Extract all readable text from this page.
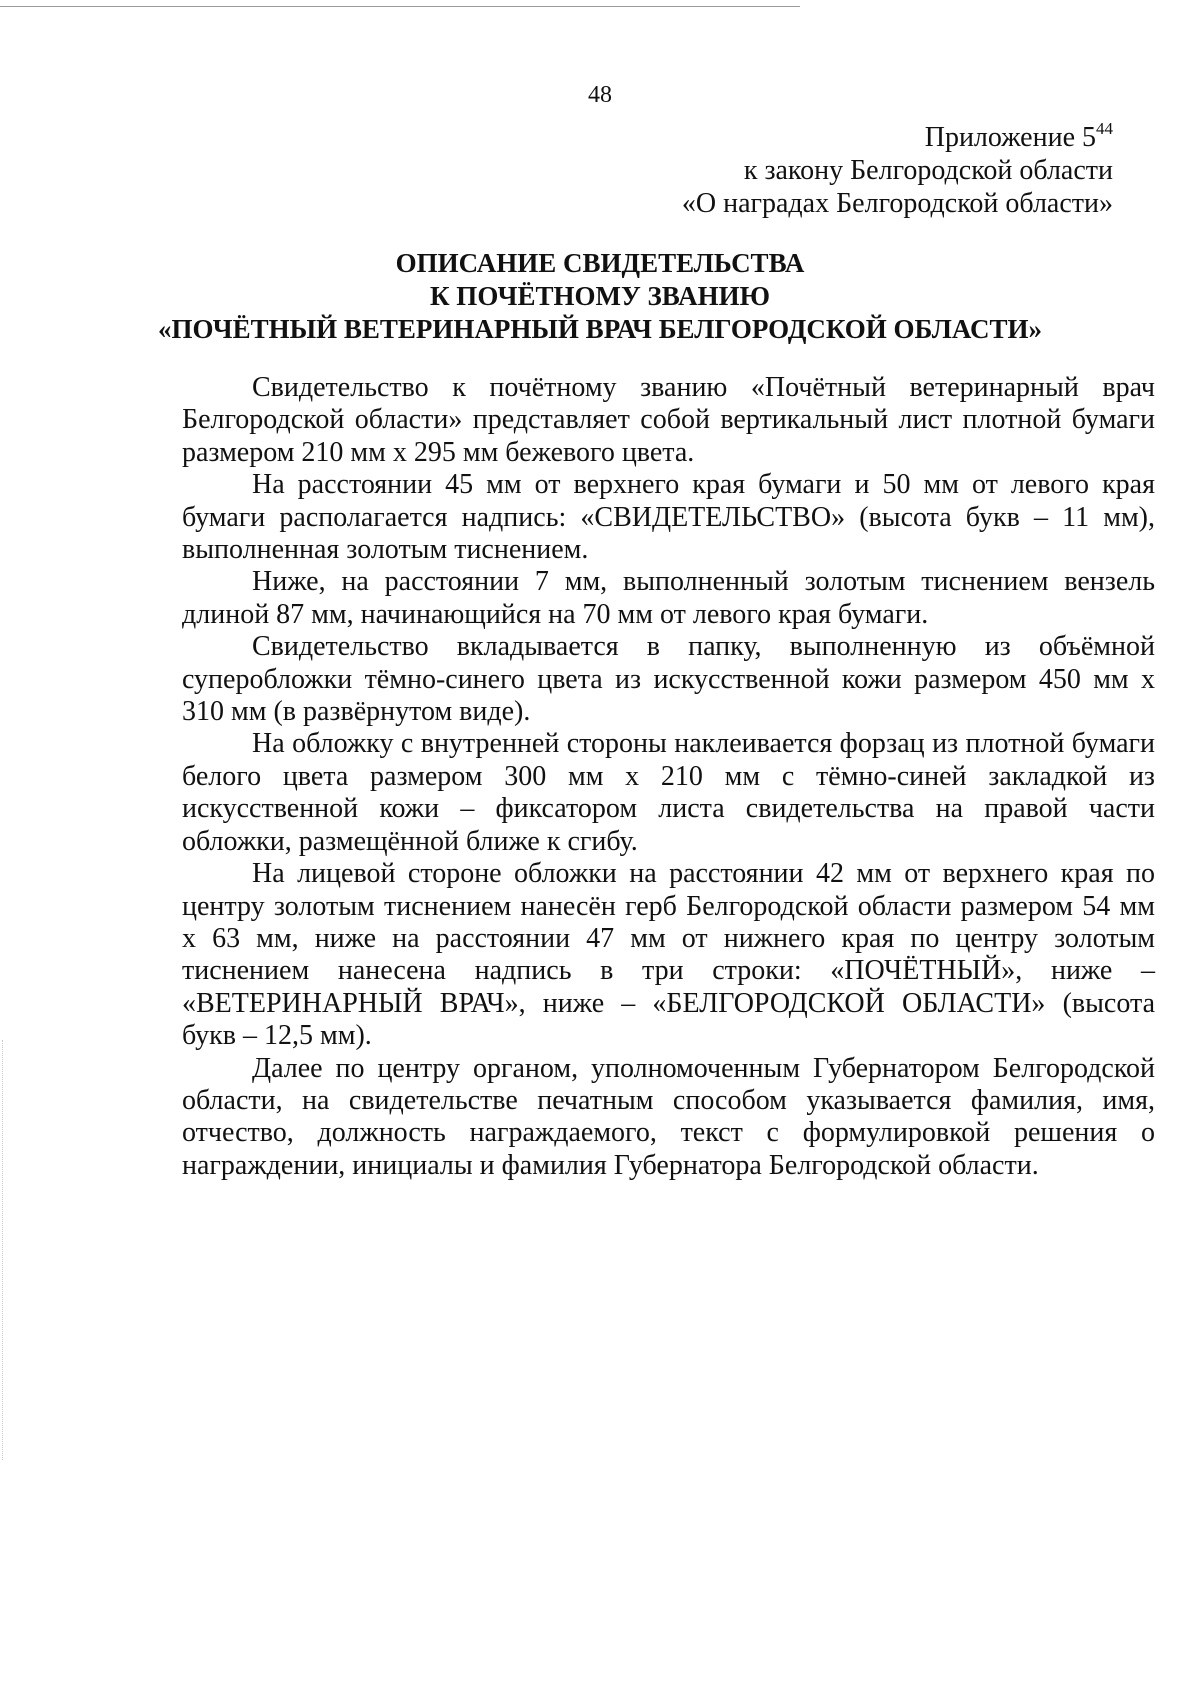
48
Приложение $5^{44}$
к закону Белгородской области
«О наградах Белгородской области»
ОПИСАНИЕ СВИДЕТЕЛЬСТВА
К ПОЧЁТНОМУ ЗВАНИЮ
«ПОЧЁТНЫЙ ВЕТЕРИНАРНЫЙ ВРАЧ БЕЛГОРОДСКОЙ ОБЛАСТИ»

Свидетельство к почётному званию «Почётный ветеринарный врач Белгородской области» представляет собой вертикальный лист плотной бумаги размером 210 мм х 295 мм бежевого цвета.

На расстоянии 45 мм от верхнего края бумаги и 50 мм от левого края бумаги располагается надпись: «СВИДЕТЕЛЬСТВО» (высота букв – 11 мм), выполненная золотым тиснением.

Ниже, на расстоянии 7 мм, выполненный золотым тиснением вензель длиной 87 мм, начинающийся на 70 мм от левого края бумаги.

Свидетельство вкладывается в папку, выполненную из объёмной суперобложки тёмно-синего цвета из искусственной кожи размером 450 мм х 310 мм (в развёрнутом виде).

На обложку с внутренней стороны наклеивается форзац из плотной бумаги белого цвета размером 300 мм х 210 мм с тёмно-синей закладкой из искусственной кожи – фиксатором листа свидетельства на правой части обложки, размещённой ближе к сгибу.

На лицевой стороне обложки на расстоянии 42 мм от верхнего края по центру золотым тиснением нанесён герб Белгородской области размером 54 мм х 63 мм, ниже на расстоянии 47 мм от нижнего края по центру золотым тиснением нанесена надпись в три строки: «ПОЧЁТНЫЙ», ниже – «ВЕТЕРИНАРНЫЙ ВРАЧ», ниже – «БЕЛГОРОДСКОЙ ОБЛАСТИ» (высота букв – 12,5 мм).

Далее по центру органом, уполномоченным Губернатором Белгородской области, на свидетельстве печатным способом указывается фамилия, имя, отчество, должность награждаемого, текст с формулировкой решения о награждении, инициалы и фамилия Губернатора Белгородской области.
